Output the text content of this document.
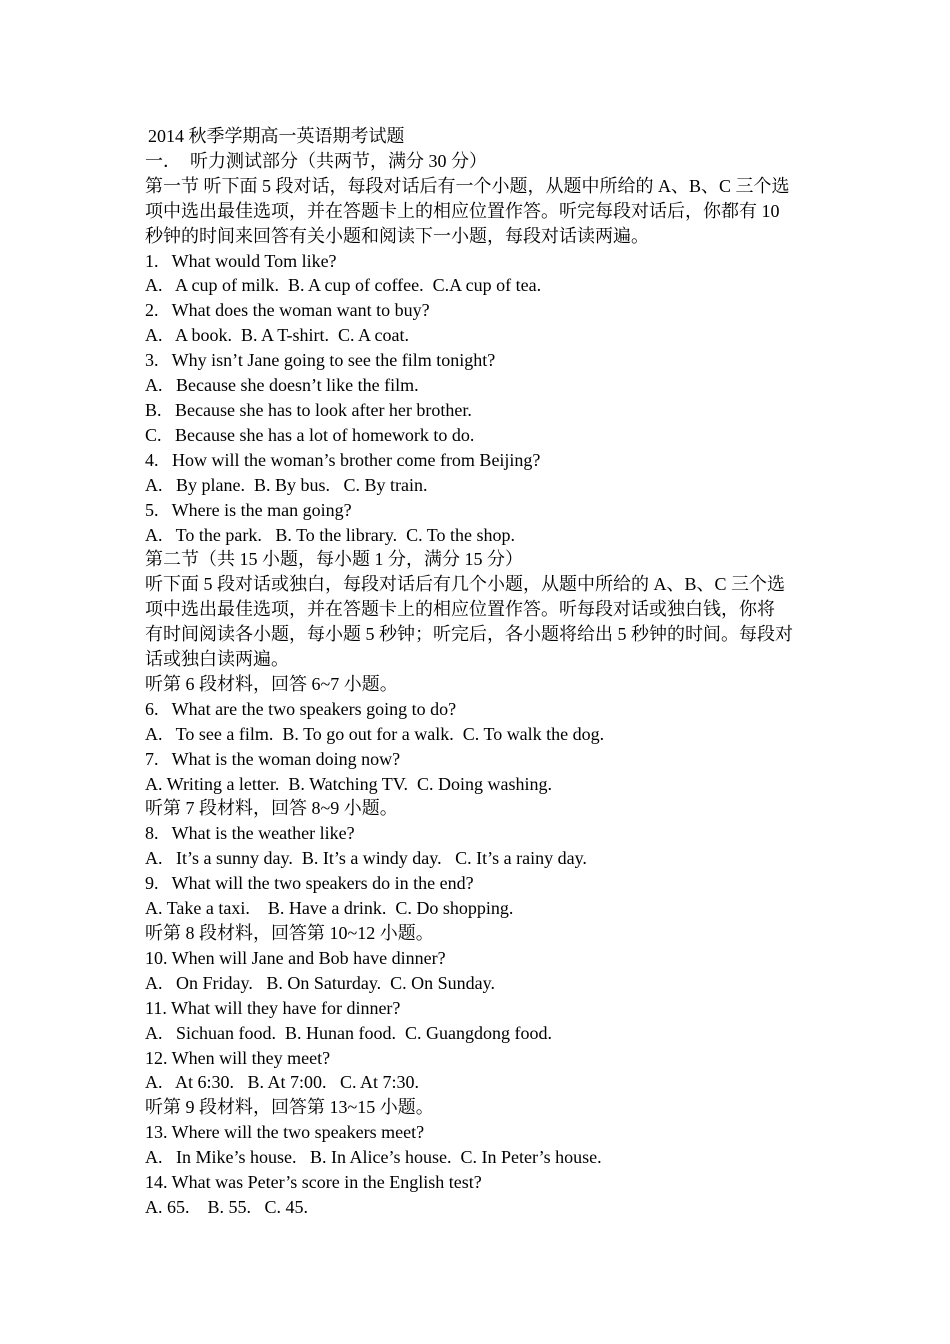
2014 秋季学期高一英语期考试题

一．  听力测试部分（共两节，满分 30 分）

第一节 听下面 5 段对话，每段对话后有一个小题，从题中所给的 A、B、C 三个选

项中选出最佳选项，并在答题卡上的相应位置作答。听完每段对话后，你都有 10

秒钟的时间来回答有关小题和阅读下一小题，每段对话读两遍。

1.   What would Tom like?

A.   A cup of milk.  B. A cup of coffee.  C.A cup of tea.

2.   What does the woman want to buy?

A.   A book.  B. A T-shirt.  C. A coat.

3.   Why isn’t Jane going to see the film tonight?

A.   Because she doesn’t like the film.

B.   Because she has to look after her brother.

C.   Because she has a lot of homework to do.

4.   How will the woman’s brother come from Beijing?

A.   By plane.  B. By bus.   C. By train.

5.   Where is the man going?

A.   To the park.   B. To the library.  C. To the shop.

第二节（共 15 小题，每小题 1 分，满分 15 分）

听下面 5 段对话或独白，每段对话后有几个小题，从题中所给的 A、B、C 三个选

项中选出最佳选项，并在答题卡上的相应位置作答。听每段对话或独白钱，你将

有时间阅读各小题，每小题 5 秒钟；听完后，各小题将给出 5 秒钟的时间。每段对

话或独白读两遍。

听第 6 段材料，回答 6~7 小题。

6.   What are the two speakers going to do?

A.   To see a film.  B. To go out for a walk.  C. To walk the dog.

7.   What is the woman doing now?

A. Writing a letter.  B. Watching TV.  C. Doing washing.

听第 7 段材料，回答 8~9 小题。

8.   What is the weather like?

A.   It’s a sunny day.  B. It’s a windy day.   C. It’s a rainy day.

9.   What will the two speakers do in the end?

A. Take a taxi.    B. Have a drink.  C. Do shopping.

听第 8 段材料，回答第 10~12 小题。

10. When will Jane and Bob have dinner?

A.   On Friday.   B. On Saturday.  C. On Sunday.

11. What will they have for dinner?

A.   Sichuan food.  B. Hunan food.  C. Guangdong food.

12. When will they meet?

A.   At 6:30.   B. At 7:00.   C. At 7:30.

听第 9 段材料，回答第 13~15 小题。

13. Where will the two speakers meet?

A.   In Mike’s house.   B. In Alice’s house.  C. In Peter’s house.

14. What was Peter’s score in the English test?

A. 65.    B. 55.   C. 45.
